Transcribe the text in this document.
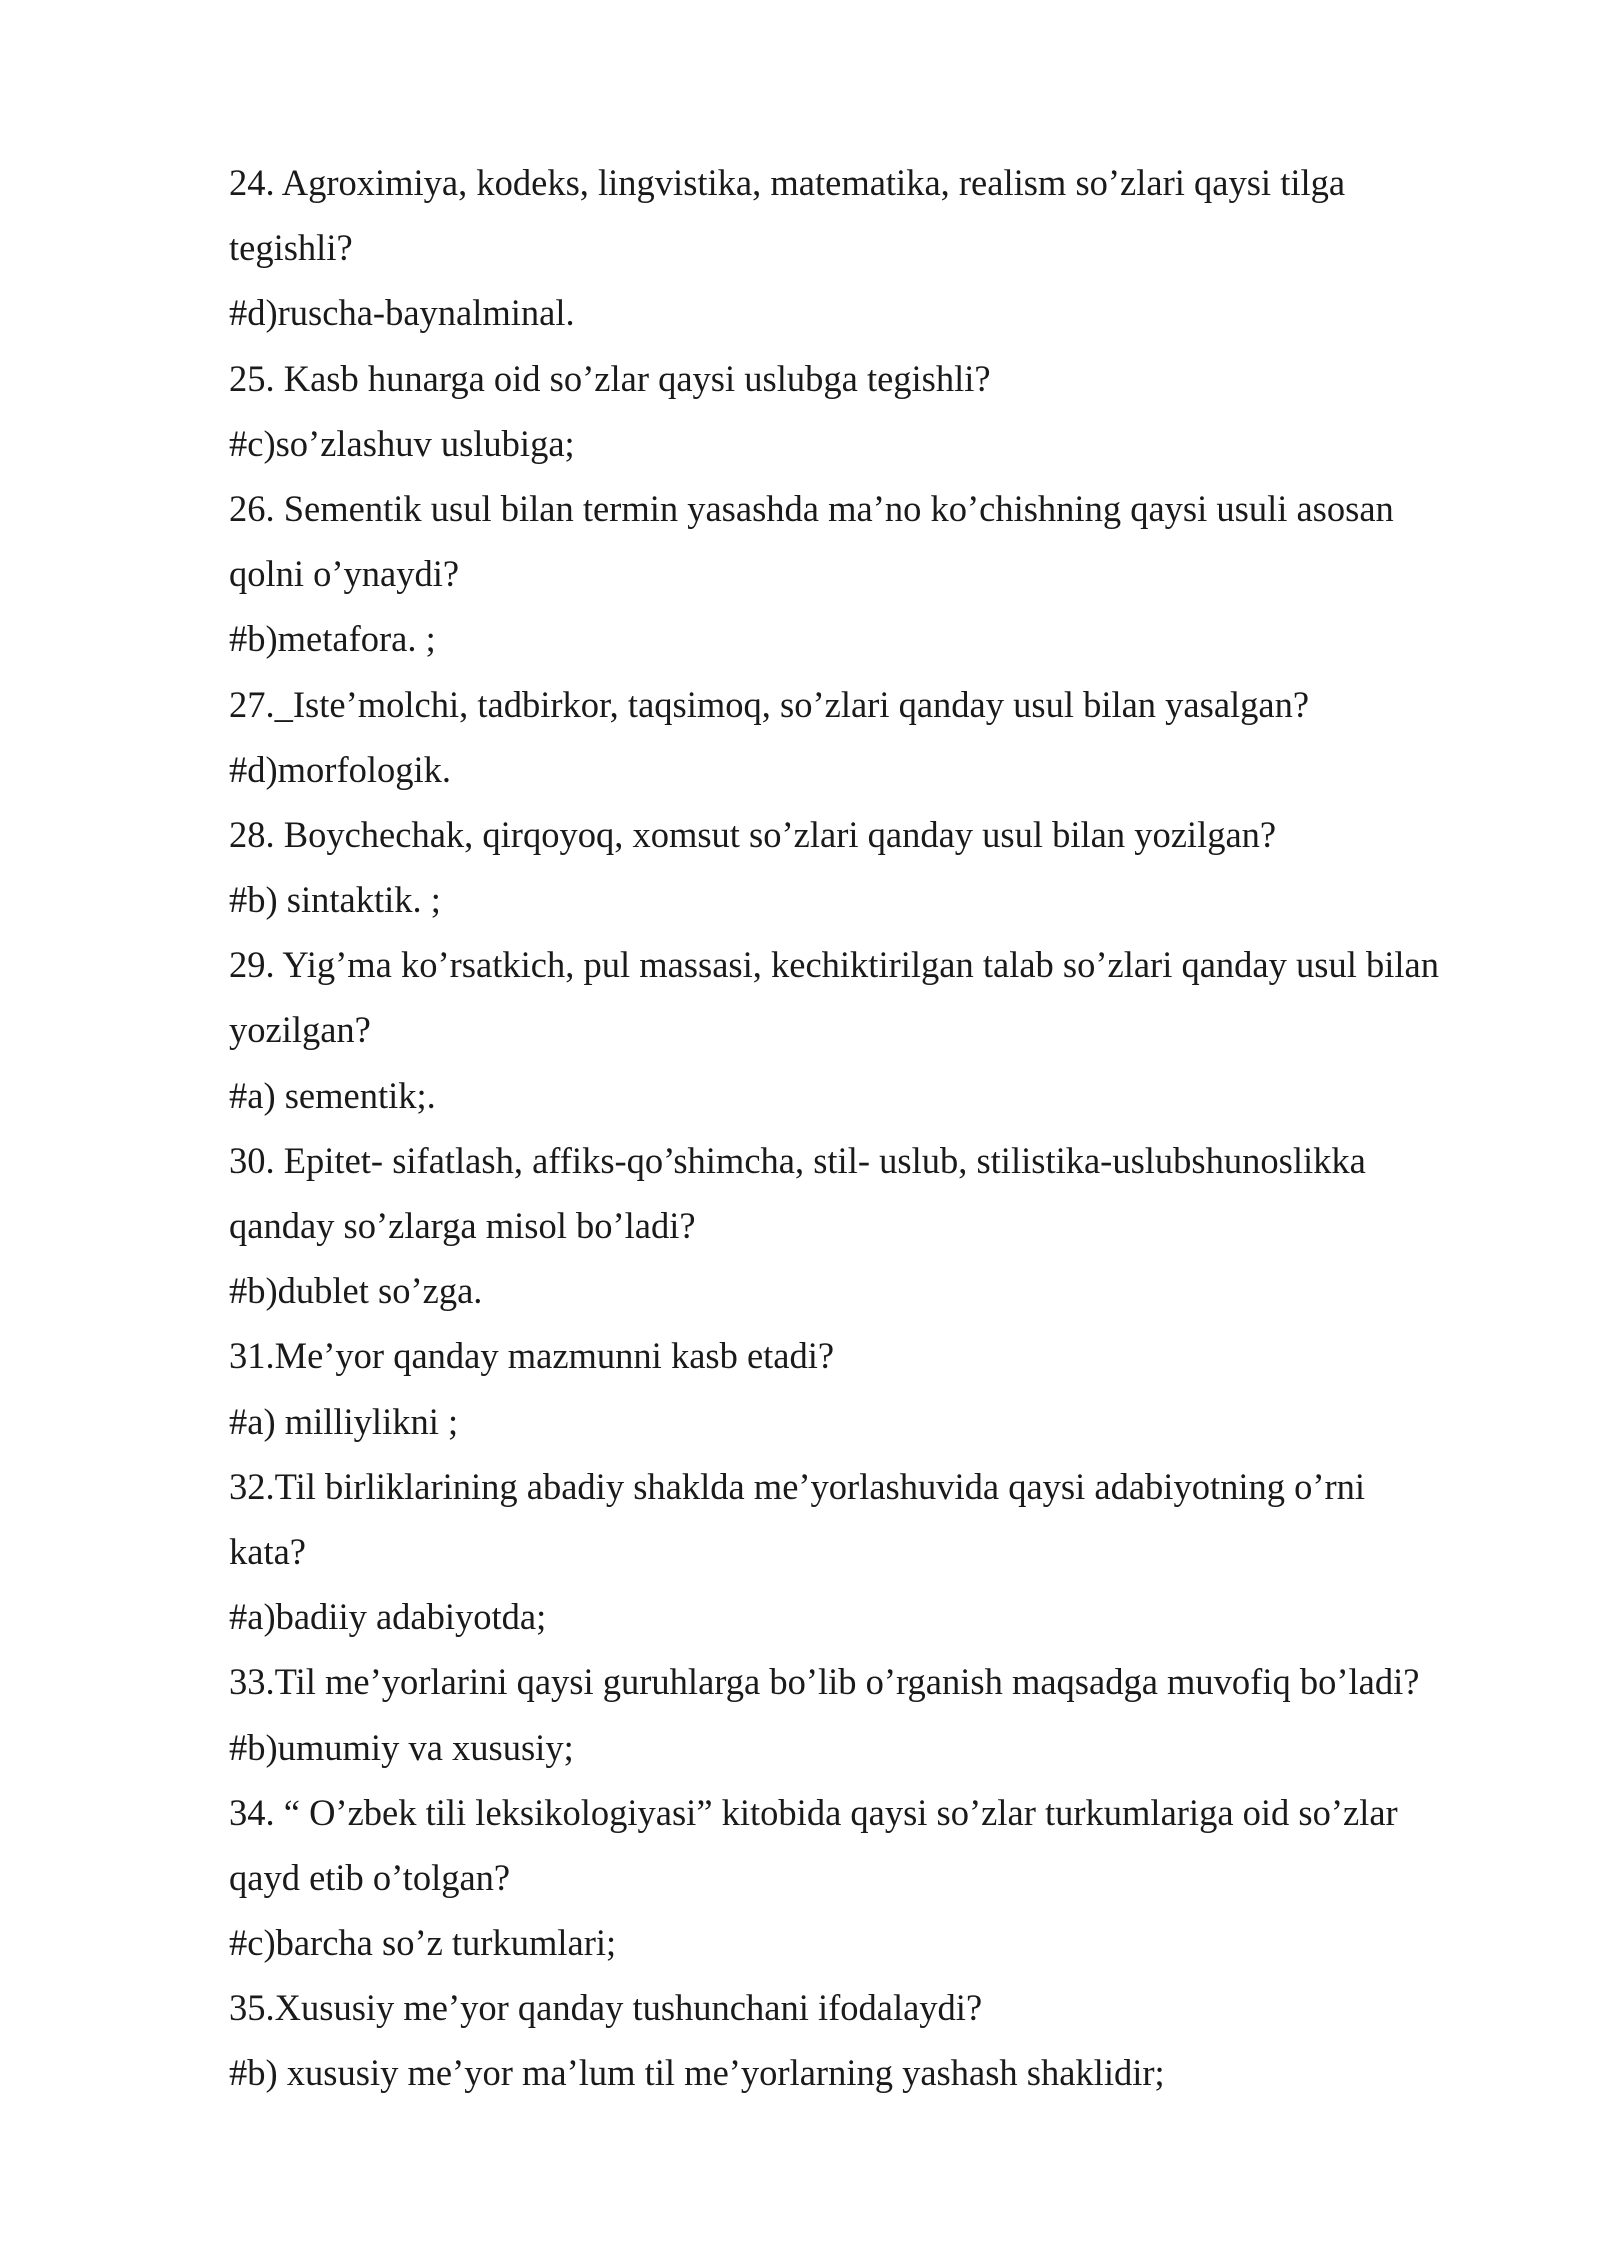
24. Agroximiya, kodeks, lingvistika, matematika, realism so’zlari qaysi tilga
tegishli?
#d)ruscha-baynalminal.
25. Kasb hunarga oid so’zlar qaysi uslubga tegishli?
#c)so’zlashuv uslubiga;
26. Sementik usul bilan termin yasashda ma’no ko’chishning qaysi usuli asosan
qolni o’ynaydi?
#b)metafora. ;
27._Iste’molchi, tadbirkor, taqsimoq, so’zlari qanday usul bilan yasalgan?
#d)morfologik.
28. Boychechak, qirqoyoq, xomsut so’zlari qanday usul bilan yozilgan?
#b) sintaktik. ;
29. Yig’ma ko’rsatkich, pul massasi, kechiktirilgan talab so’zlari qanday usul bilan
yozilgan?
#a) sementik;.
30. Epitet- sifatlash, affiks-qo’shimcha, stil- uslub, stilistika-uslubshunoslikka
qanday so’zlarga misol bo’ladi?
#b)dublet so’zga.
31.Me’yor qanday mazmunni kasb etadi?
#a) milliylikni ;
32.Til birliklarining abadiy shaklda me’yorlashuvida qaysi adabiyotning o’rni
kata?
#a)badiiy adabiyotda;
33.Til me’yorlarini qaysi guruhlarga bo’lib o’rganish maqsadga muvofiq bo’ladi?
#b)umumiy va xususiy;
34. “ O’zbek tili leksikologiyasi” kitobida qaysi so’zlar turkumlariga oid so’zlar
qayd etib o’tolgan?
#c)barcha so’z turkumlari;
35.Xususiy me’yor qanday tushunchani ifodalaydi?
#b) xususiy me’yor ma’lum til me’yorlarning yashash shaklidir;
